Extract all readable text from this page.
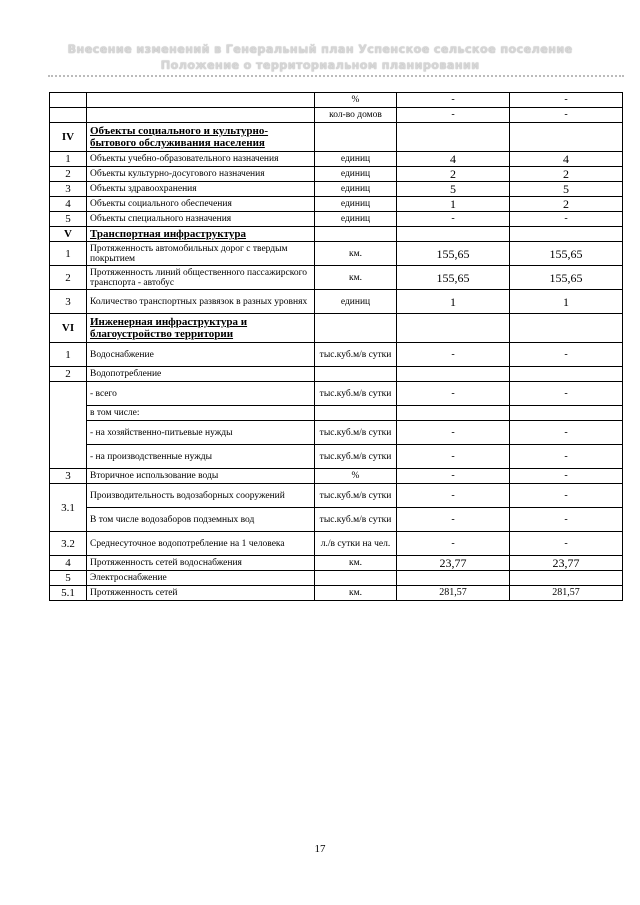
Внесение изменений в Генеральный план Успенское сельское поселение
Положение о территориальном планировании
		%	-	-
		кол-во домов	-	-
IV	Объекты социального и культурно-бытового обслуживания населения			
1	Объекты учебно-образовательного назначения	единиц	4	4
2	Объекты культурно-досугового назначения	единиц	2	2
3	Объекты здравоохранения	единиц	5	5
4	Объекты социального обеспечения	единиц	1	2
5	Объекты специального назначения	единиц	-	-
V	Транспортная инфраструктура			
1	Протяженность автомобильных дорог с твердым покрытием	км.	155,65	155,65
2	Протяженность линий общественного пассажирского транспорта - автобус	км.	155,65	155,65
3	Количество транспортных развязок в разных уровнях	единиц	1	1
VI	Инженерная инфраструктура и благоустройство территории			
1	Водоснабжение	тыс.куб.м/в сутки	-	-
2	Водопотребление			
	- всего	тыс.куб.м/в сутки	-	-
	в том числе:			
	- на хозяйственно-питьевые нужды	тыс.куб.м/в сутки	-	-
	- на производственные нужды	тыс.куб.м/в сутки	-	-
3	Вторичное использование воды	%	-	-
3.1	Производительность водозаборных сооружений	тыс.куб.м/в сутки	-	-
	В том числе водозаборов подземных вод	тыс.куб.м/в сутки	-	-
3.2	Среднесуточное водопотребление на 1 человека	л./в сутки на чел.	-	-
4	Протяженность сетей водоснабжения	км.	23,77	23,77
5	Электроснабжение			
5.1	Протяженность сетей	км.	281,57	281,57
17
